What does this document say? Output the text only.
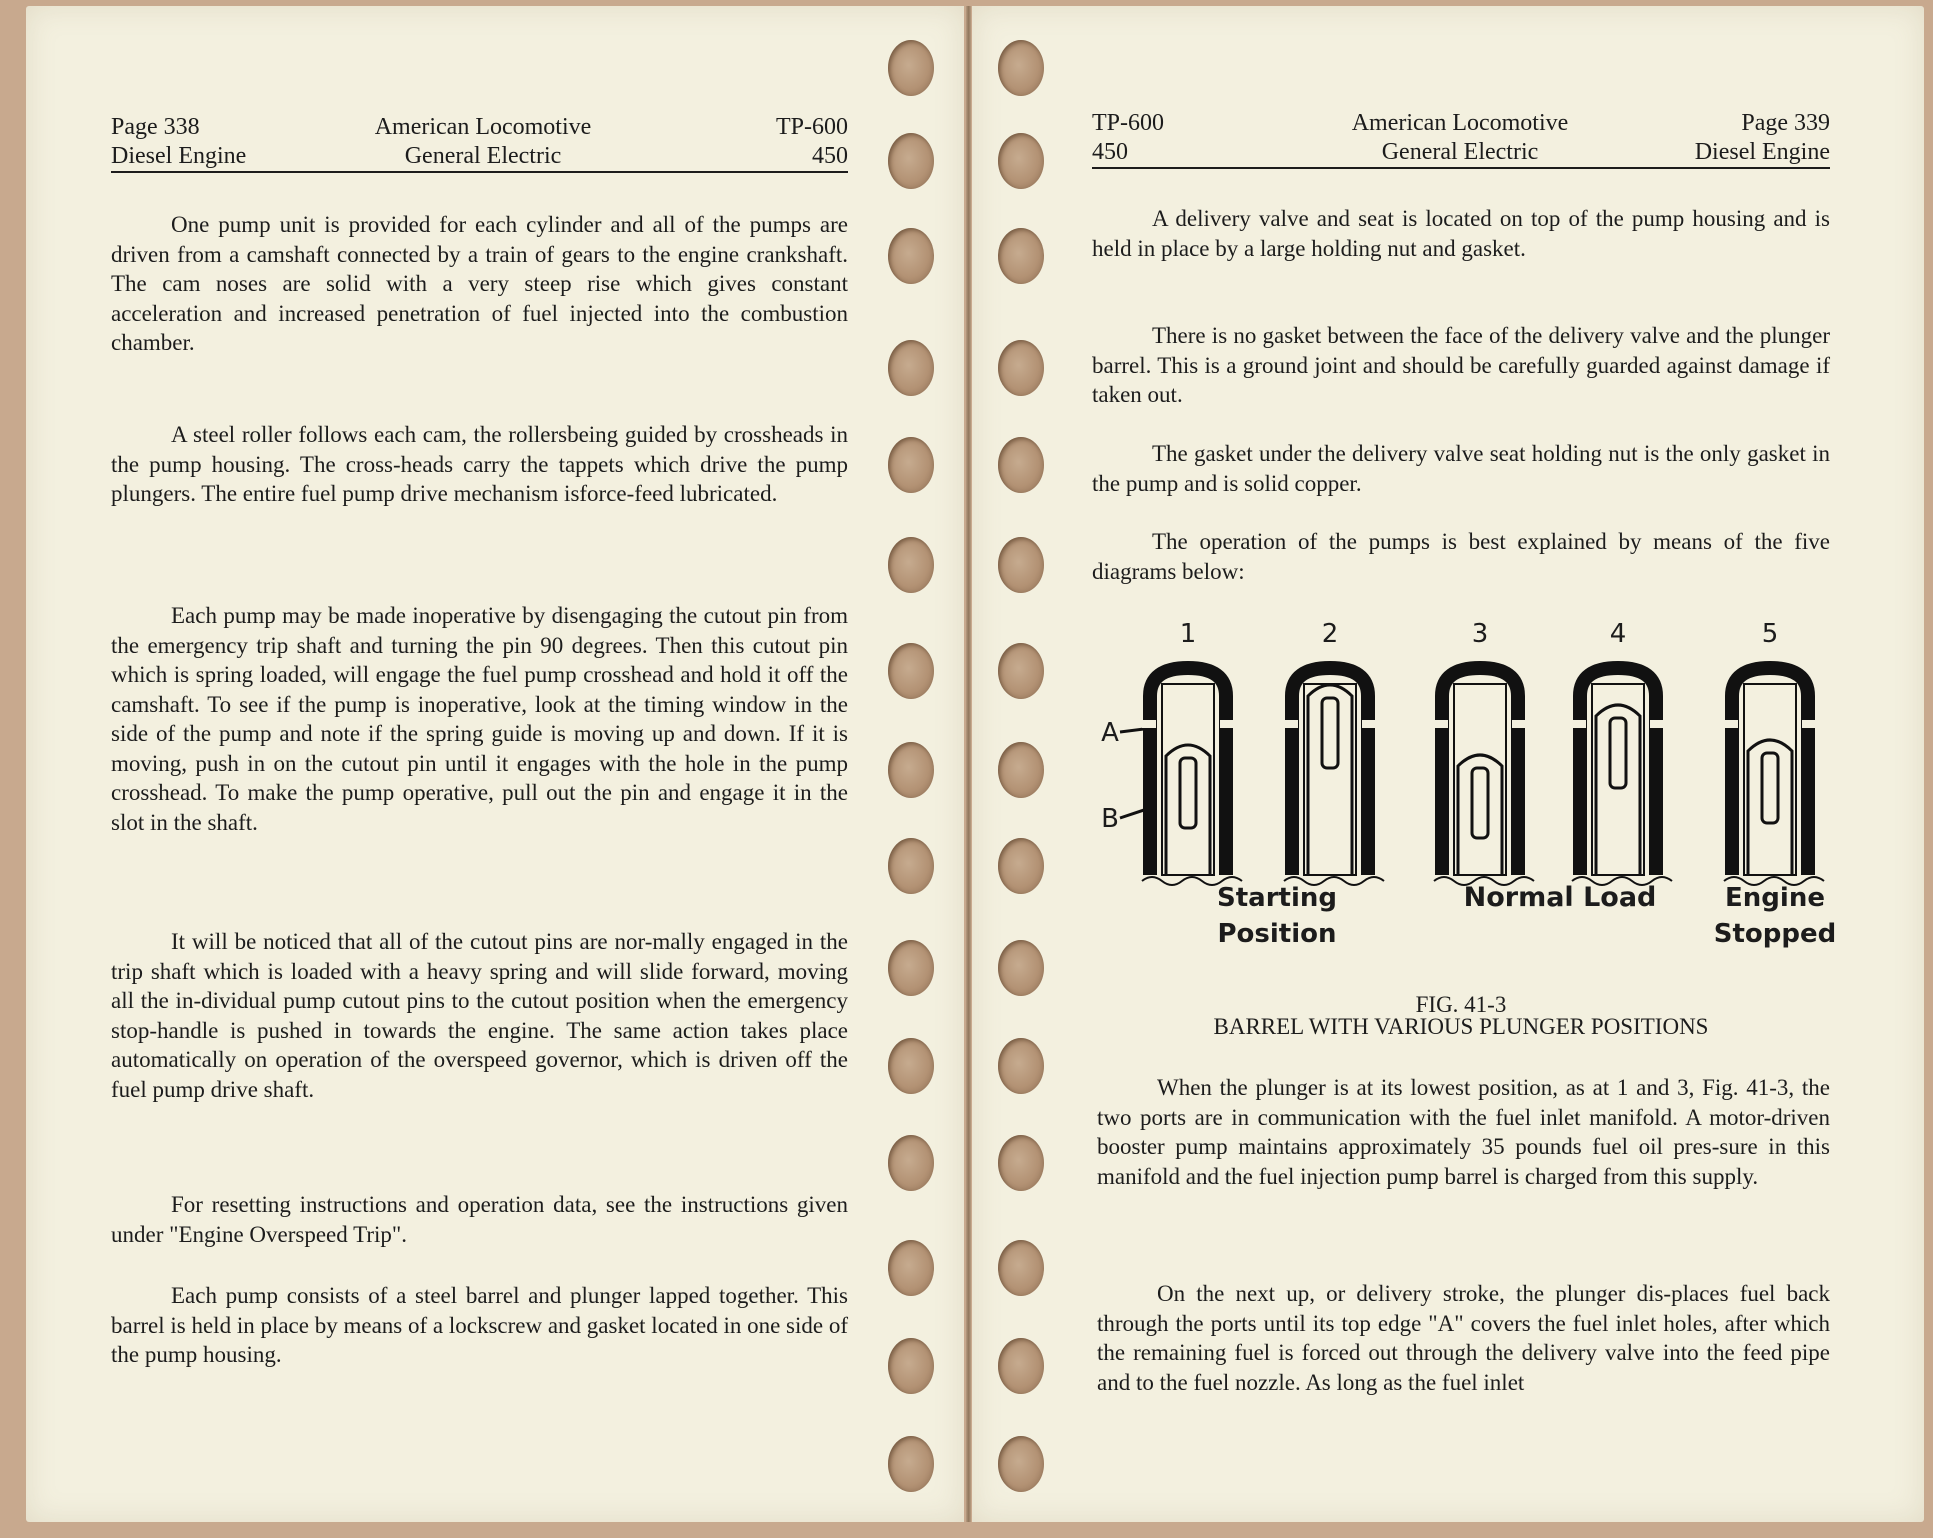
Page 338
Diesel Engine
American Locomotive
General Electric
TP-600
450

One pump unit is provided for each cylinder and all of the pumps are driven from a camshaft connected by a train of gears to the engine crankshaft. The cam noses are solid with a very steep rise which gives constant acceleration and increased penetration of fuel injected into the combustion chamber.

A steel roller follows each cam, the rollersbeing guided by crossheads in the pump housing. The cross-heads carry the tappets which drive the pump plungers. The entire fuel pump drive mechanism isforce-feed lubricated.

Each pump may be made inoperative by disengaging the cutout pin from the emergency trip shaft and turning the pin 90 degrees. Then this cutout pin which is spring loaded, will engage the fuel pump crosshead and hold it off the camshaft. To see if the pump is inoperative, look at the timing window in the side of the pump and note if the spring guide is moving up and down. If it is moving, push in on the cutout pin until it engages with the hole in the pump crosshead. To make the pump operative, pull out the pin and engage it in the slot in the shaft.

It will be noticed that all of the cutout pins are nor-mally engaged in the trip shaft which is loaded with a heavy spring and will slide forward, moving all the in-dividual pump cutout pins to the cutout position when the emergency stop-handle is pushed in towards the engine. The same action takes place automatically on operation of the overspeed governor, which is driven off the fuel pump drive shaft.

For resetting instructions and operation data, see the instructions given under "Engine Overspeed Trip".

Each pump consists of a steel barrel and plunger lapped together. This barrel is held in place by means of a lockscrew and gasket located in one side of the pump housing.

TP-600
450
American Locomotive
General Electric
Page 339
Diesel Engine

A delivery valve and seat is located on top of the pump housing and is held in place by a large holding nut and gasket.

There is no gasket between the face of the delivery valve and the plunger barrel. This is a ground joint and should be carefully guarded against damage if taken out.

The gasket under the delivery valve seat holding nut is the only gasket in the pump and is solid copper.

The operation of the pumps is best explained by means of the five diagrams below:

1	2	3	4	5
A
B
Starting
Position
Normal Load	Engine
Stopped
FIG. 41-3
BARREL WITH VARIOUS PLUNGER POSITIONS

When the plunger is at its lowest position, as at 1 and 3, Fig. 41-3, the two ports are in communication with the fuel inlet manifold. A motor-driven booster pump maintains approximately 35 pounds fuel oil pres-sure in this manifold and the fuel injection pump barrel is charged from this supply.

On the next up, or delivery stroke, the plunger dis-places fuel back through the ports until its top edge "A" covers the fuel inlet holes, after which the remaining fuel is forced out through the delivery valve into the feed pipe and to the fuel nozzle. As long as the fuel inlet
